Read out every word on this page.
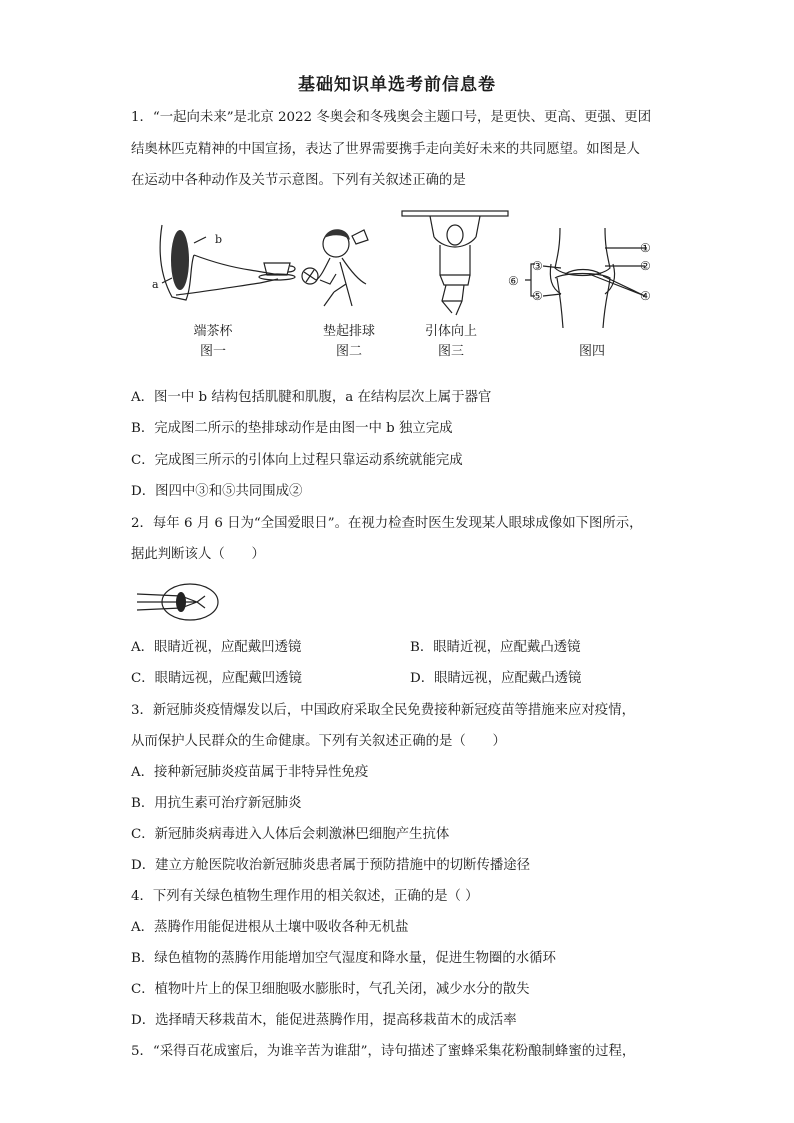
基础知识单选考前信息卷
1．“一起向未来”是北京 2022 冬奥会和冬残奥会主题口号，是更快、更高、更强、更团
结奥林匹克精神的中国宣扬，表达了世界需要携手走向美好未来的共同愿望。如图是人
在运动中各种动作及关节示意图。下列有关叙述正确的是
b
a
①
②
③
④
⑤
⑥
端茶杯
图一
垫起排球
图二
引体向上
图三	图四
A．图一中 b 结构包括肌腱和肌腹，a 在结构层次上属于器官
B．完成图二所示的垫排球动作是由图一中 b 独立完成
C．完成图三所示的引体向上过程只靠运动系统就能完成
D．图四中③和⑤共同围成②
2．每年 6 月 6 日为“全国爱眼日”。在视力检查时医生发现某人眼球成像如下图所示，
据此判断该人（　　）
A．眼睛近视，应配戴凹透镜	B．眼睛近视，应配戴凸透镜
C．眼睛远视，应配戴凹透镜	D．眼睛远视，应配戴凸透镜
3．新冠肺炎疫情爆发以后，中国政府采取全民免费接种新冠疫苗等措施来应对疫情，
从而保护人民群众的生命健康。下列有关叙述正确的是（　　）
A．接种新冠肺炎疫苗属于非特异性免疫
B．用抗生素可治疗新冠肺炎
C．新冠肺炎病毒进入人体后会刺激淋巴细胞产生抗体
D．建立方舱医院收治新冠肺炎患者属于预防措施中的切断传播途径
4．下列有关绿色植物生理作用的相关叙述，正确的是（ ）
A．蒸腾作用能促进根从土壤中吸收各种无机盐
B．绿色植物的蒸腾作用能增加空气湿度和降水量，促进生物圈的水循环
C．植物叶片上的保卫细胞吸水膨胀时，气孔关闭，减少水分的散失
D．选择晴天移栽苗木，能促进蒸腾作用，提高移栽苗木的成活率
5．“采得百花成蜜后，为谁辛苦为谁甜”，诗句描述了蜜蜂采集花粉酿制蜂蜜的过程，
